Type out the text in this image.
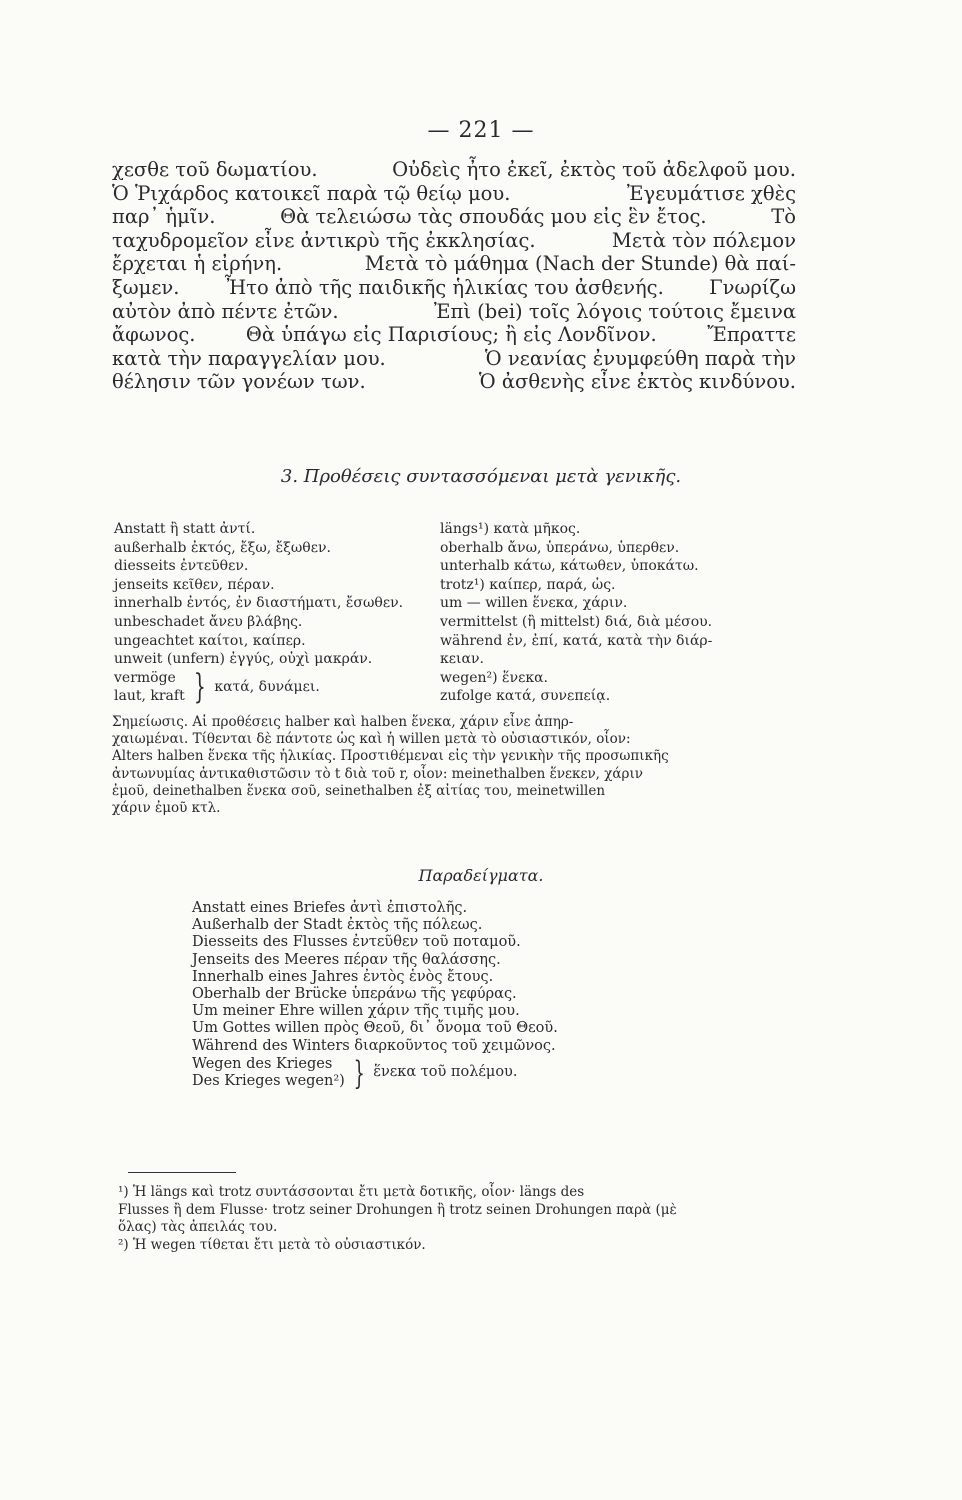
— 221 —
χεσθε τοῦ δωματίου.	Οὐδεὶς ἦτο ἐκεῖ, ἐκτὸς τοῦ ἀδελφοῦ μου.
Ὁ Ῥιχάρδος κατοικεῖ παρὰ τῷ θείῳ μου.	Ἐγευμάτισε χθὲς
παρ᾽ ἡμῖν.	Θὰ τελειώσω τὰς σπουδάς μου εἰς ἓν ἔτος.	Τὸ
ταχυδρομεῖον εἶνε ἀντικρὺ τῆς ἐκκλησίας.	Μετὰ τὸν πόλεμον
ἔρχεται ἡ εἰρήνη.	Μετὰ τὸ μάθημα (Nach der Stunde) θὰ παί-
ξωμεν. Ἦτο ἀπὸ τῆς παιδικῆς ἡλικίας του ἀσθενής. Γνωρίζω
αὐτὸν ἀπὸ πέντε ἐτῶν.	Ἐπὶ (bei) τοῖς λόγοις τούτοις ἔμεινα
ἄφωνος.	Θὰ ὑπάγω εἰς Παρισίους; ἢ εἰς Λονδῖνον.	Ἔπραττε
κατὰ τὴν παραγγελίαν μου.	Ὁ νεανίας ἐνυμφεύθη παρὰ τὴν
θέλησιν τῶν γονέων των.	Ὁ ἀσθενὴς εἶνε ἐκτὸς κινδύνου.
3. Προθέσεις συντασσόμεναι μετὰ γενικῆς.
Anstatt ἢ statt ἀντί.
außerhalb ἐκτός, ἔξω, ἔξωθεν.
diesseits ἐντεῦθεν.
jenseits κεῖθεν, πέραν.
innerhalb ἐντός, ἐν διαστήματι, ἔσωθεν.
unbeschadet ἄνευ βλάβης.
ungeachtet καίτοι, καίπερ.
unweit (unfern) ἐγγύς, οὐχὶ μακράν.
vermöge
laut, kraft } κατά, δυνάμει.
längs¹) κατὰ μῆκος.
oberhalb ἄνω, ὑπεράνω, ὑπερθεν.
unterhalb κάτω, κάτωθεν, ὑποκάτω.
trotz¹) καίπερ, παρά, ὡς.
um — willen ἕνεκα, χάριν.
vermittelst (ἢ mittelst) διά, διὰ μέσου.
während ἐν, ἐπί, κατά, κατὰ τὴν διάρ-
κειαν.
wegen²) ἕνεκα.
zufolge κατά, συνεπείᾳ.
Σημείωσις. Αἱ προθέσεις halber καὶ halben ἕνεκα, χάριν εἶνε ἀπηρ-
χαιωμέναι. Τίθενται δὲ πάντοτε ὡς καὶ ἡ willen μετὰ τὸ οὐσιαστικόν, οἷον:
Alters halben ἕνεκα τῆς ἡλικίας. Προστιθέμεναι εἰς τὴν γενικὴν τῆς προσωπικῆς
ἀντωνυμίας ἀντικαθιστῶσιν τὸ t διὰ τοῦ r, οἷον: meinethalben ἕνεκεν, χάριν
ἐμοῦ, deinethalben ἕνεκα σοῦ, seinethalben ἐξ αἰτίας του, meinetwillen
χάριν ἐμοῦ κτλ.
Παραδείγματα.
Anstatt eines Briefes ἀντὶ ἐπιστολῆς.
Außerhalb der Stadt ἐκτὸς τῆς πόλεως.
Diesseits des Flusses ἐντεῦθεν τοῦ ποταμοῦ.
Jenseits des Meeres πέραν τῆς θαλάσσης.
Innerhalb eines Jahres ἐντὸς ἑνὸς ἔτους.
Oberhalb der Brücke ὑπεράνω τῆς γεφύρας.
Um meiner Ehre willen χάριν τῆς τιμῆς μου.
Um Gottes willen πρὸς Θεοῦ, δι᾽ ὄνομα τοῦ Θεοῦ.
Während des Winters διαρκοῦντος τοῦ χειμῶνος.
Wegen des Krieges
Des Krieges wegen²) } ἕνεκα τοῦ πολέμου.
¹) Ἡ längs καὶ trotz συντάσσονται ἔτι μετὰ δοτικῆς, οἷον· längs des
Flusses ἢ dem Flusse· trotz seiner Drohungen ἢ trotz seinen Drohungen παρὰ (μὲ
ὅλας) τὰς ἀπειλάς του.
²) Ἡ wegen τίθεται ἔτι μετὰ τὸ οὐσιαστικόν.
